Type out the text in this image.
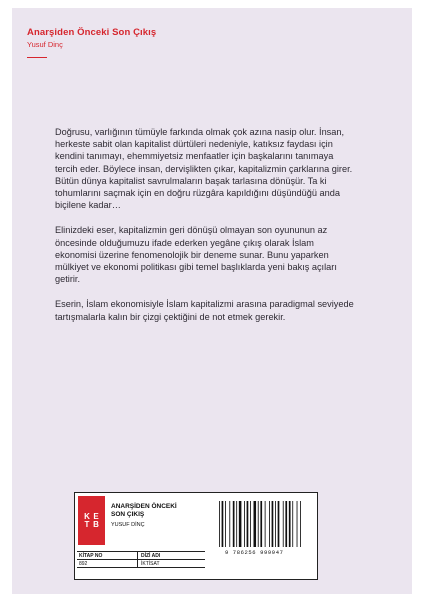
Anarşiden Önceki Son Çıkış
Yusuf Dinç

Doğrusu, varlığının tümüyle farkında olmak çok azına nasip olur. İnsan, herkeste sabit olan kapitalist dürtüleri nedeniyle, katıksız faydası için kendini tanımayı, ehemmiyetsiz menfaatler için başkalarını tanımaya tercih eder. Böylece insan, dervişlikten çıkar, kapitalizmin çarklarına girer. Bütün dünya kapitalist savrulmaların başak tarlasına dönüşür. Ta ki tohumlarını saçmak için en doğru rüzgâra kapıldığını düşündüğü anda biçilene kadar…

Elinizdeki eser, kapitalizmin geri dönüşü olmayan son oyununun az öncesinde olduğumuzu ifade ederken yegâne çıkış olarak İslam ekonomisi üzerine fenomenolojik bir deneme sunar. Bunu yaparken mülkiyet ve ekonomi politikası gibi temel başlıklarda yeni bakış açıları getirir.

Eserin, İslam ekonomisiyle İslam kapitalizmi arasına paradigmal seviyede tartışmalarla kalın bir çizgi çektiğini de not etmek gerekir.

K E
T B
ANARŞİDEN ÖNCEKİ
SON ÇIKIŞ
YUSUF DİNÇ
9 786256 999947
KİTAP NO	DİZİ ADI
892	İKTİSAT
